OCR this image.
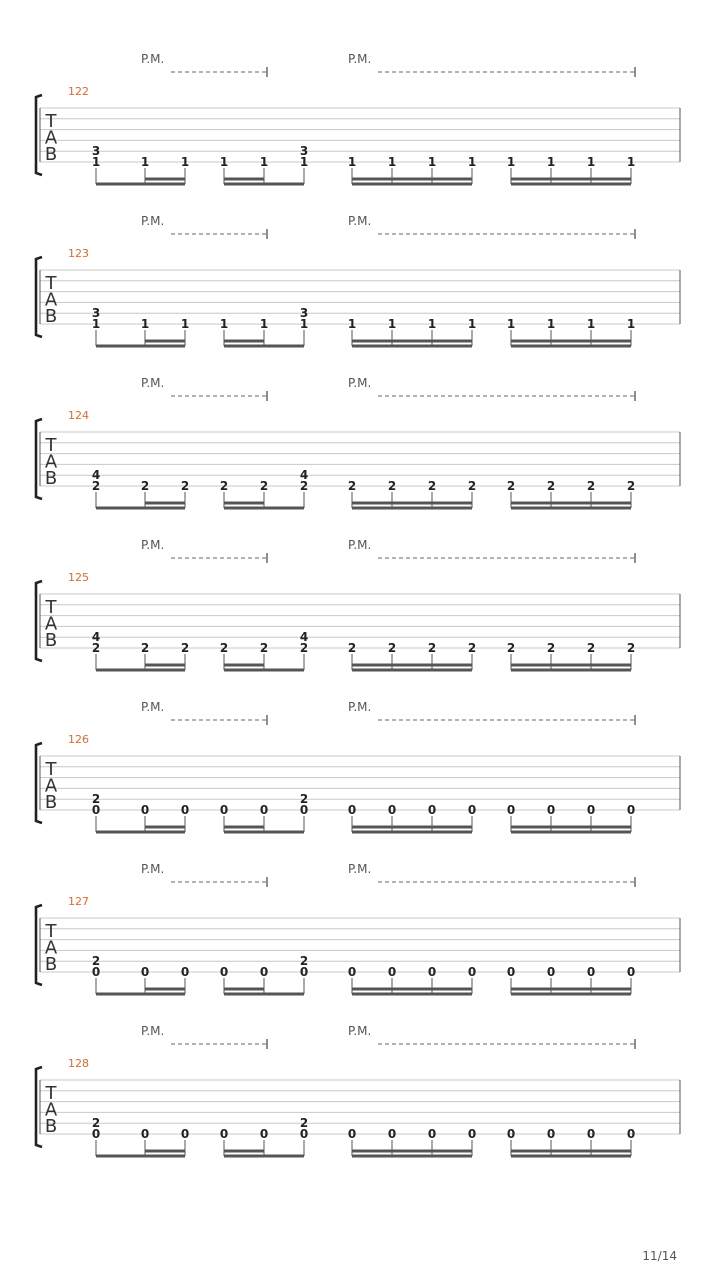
P.M.	P.M.
122
T
A
B	1
3
1	1	1	1	1
3
1	1	1	1	1	1	1	1
P.M.	P.M.
123
T
A
B	1
3
1	1	1	1	1
3
1	1	1	1	1	1	1	1
P.M.	P.M.
124
T
A
B	2
4
2	2	2	2	2
4
2	2	2	2	2	2	2	2
P.M.	P.M.
125
T
A
B	2
4
2	2	2	2	2
4
2	2	2	2	2	2	2	2
P.M.	P.M.
126
T
A
B	0
2
0	0	0	0	0
2
0	0	0	0	0	0	0	0
P.M.	P.M.
127
T
A
B	0
2
0	0	0	0	0
2
0	0	0	0	0	0	0	0
P.M.	P.M.
128
T
A
B	0
2
0	0	0	0	0
2
0	0	0	0	0	0	0	0
11/14
